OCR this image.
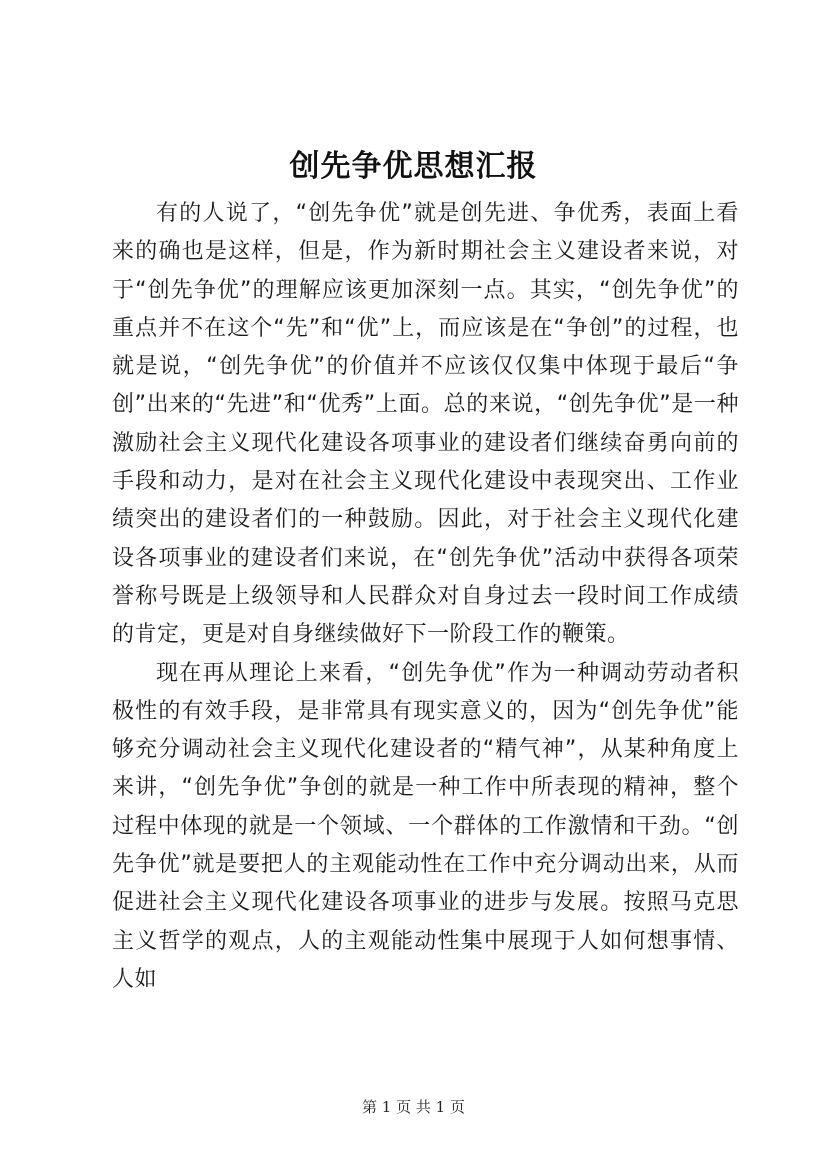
创先争优思想汇报

有的人说了，“创先争优”就是创先进、争优秀，表面上看来的确也是这样，但是，作为新时期社会主义建设者来说，对于“创先争优”的理解应该更加深刻一点。其实，“创先争优”的重点并不在这个“先”和“优”上，而应该是在“争创”的过程，也就是说，“创先争优”的价值并不应该仅仅集中体现于最后“争创”出来的“先进”和“优秀”上面。总的来说，“创先争优”是一种激励社会主义现代化建设各项事业的建设者们继续奋勇向前的手段和动力，是对在社会主义现代化建设中表现突出、工作业绩突出的建设者们的一种鼓励。因此，对于社会主义现代化建设各项事业的建设者们来说，在“创先争优”活动中获得各项荣誉称号既是上级领导和人民群众对自身过去一段时间工作成绩的肯定，更是对自身继续做好下一阶段工作的鞭策。

现在再从理论上来看，“创先争优”作为一种调动劳动者积极性的有效手段，是非常具有现实意义的，因为“创先争优”能够充分调动社会主义现代化建设者的“精气神”，从某种角度上来讲，“创先争优”争创的就是一种工作中所表现的精神，整个过程中体现的就是一个领域、一个群体的工作激情和干劲。“创先争优”就是要把人的主观能动性在工作中充分调动出来，从而促进社会主义现代化建设各项事业的进步与发展。按照马克思主义哲学的观点，人的主观能动性集中展现于人如何想事情、人如

第 1 页 共 1 页
